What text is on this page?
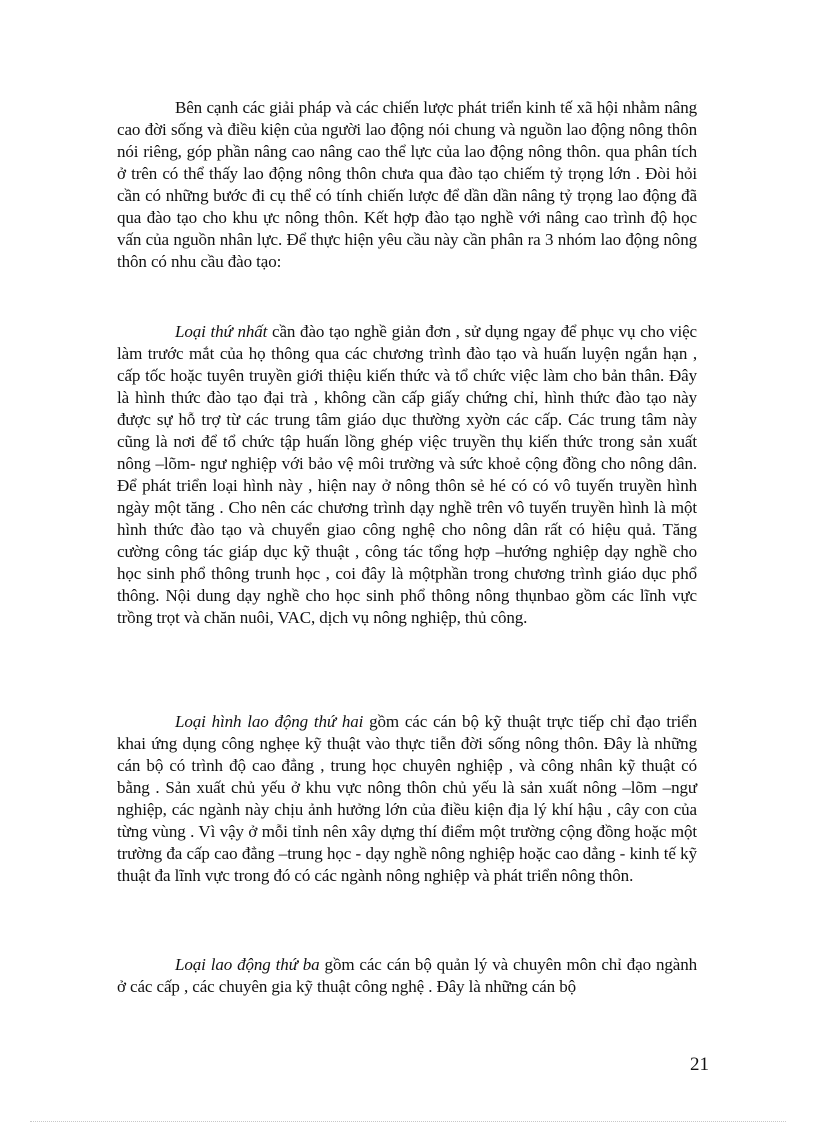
Bên cạnh các giải pháp và các chiến lược phát triển kinh tế xã hội nhằm nâng cao đời sống và điều kiện của người lao động nói chung và nguồn lao động nông thôn nói riêng, góp phần nâng cao nâng cao thể lực của lao động nông thôn. qua phân tích ở trên có thể thấy lao động nông thôn chưa qua đào tạo chiếm tỷ trọng lớn . Đòi hỏi cần có những bước đi cụ thể có tính chiến lược để dần dần nâng tỷ trọng lao động đã qua đào tạo cho khu ực nông thôn. Kết hợp đào tạo nghề với nâng cao trình độ học vấn của nguồn nhân lực. Để thực hiện yêu cầu này cần phân ra 3 nhóm lao động nông thôn có nhu cầu đào tạo:

Loại thứ nhất cần đào tạo nghề giản đơn , sử dụng ngay để phục vụ cho việc làm trước mắt của họ thông qua các chương trình đào tạo và huấn luyện ngắn hạn , cấp tốc hoặc tuyên truyền giới thiệu kiến thức và tổ chức việc làm cho bản thân. Đây là hình thức đào tạo đại trà , không cần cấp giấy chứng chỉ, hình thức đào tạo này được sự hỗ trợ từ các trung tâm giáo dục thường xyờn các cấp. Các trung tâm này cũng là nơi để tổ chức tập huấn lồng ghép việc truyền thụ kiến thức trong sản xuất nông –lõm- ngư nghiệp với bảo vệ môi trường và sức khoẻ cộng đồng cho nông dân. Để phát triển loại hình này , hiện nay ở nông thôn sẻ hé có có vô tuyến truyền hình ngày một tăng . Cho nên các chương trình dạy nghề trên vô tuyến truyền hình là một hình thức đào tạo và chuyển giao công nghệ cho nông dân rất có hiệu quả. Tăng cường công tác giáp dục kỹ thuật , công tác tổng hợp –hướng nghiệp dạy nghề cho học sinh phổ thông trunh học , coi đây là mộtphần trong chương trình giáo dục phổ thông. Nội dung dạy nghề cho học sinh phổ thông nông thụnbao gồm các lĩnh vực trồng trọt và chăn nuôi, VAC, dịch vụ nông nghiệp, thủ công.

Loại hình lao động thứ hai gồm các cán bộ kỹ thuật trực tiếp chỉ đạo triển khai ứng dụng công nghẹe kỹ thuật vào thực tiễn đời sống nông thôn. Đây là những cán bộ có trình độ cao đẳng , trung học chuyên nghiệp , và công nhân kỹ thuật có bằng . Sản xuất chủ yếu ở khu vực nông thôn chủ yếu là sản xuất nông –lõm –ngư nghiệp, các ngành này chịu ảnh hưởng lớn của điều kiện địa lý khí hậu , cây con của từng vùng . Vì vậy ở mỗi tỉnh nên xây dựng thí điểm một trường cộng đồng hoặc một trường đa cấp cao đẳng –trung học - dạy nghề nông nghiệp hoặc cao dẳng - kinh tế kỹ thuật đa lĩnh vực trong đó có các ngành nông nghiệp và phát triển nông thôn.

Loại lao động thứ ba gồm các cán bộ quản lý và chuyên môn chỉ đạo ngành ở các cấp , các chuyên gia kỹ thuật công nghệ . Đây là những cán bộ

21
